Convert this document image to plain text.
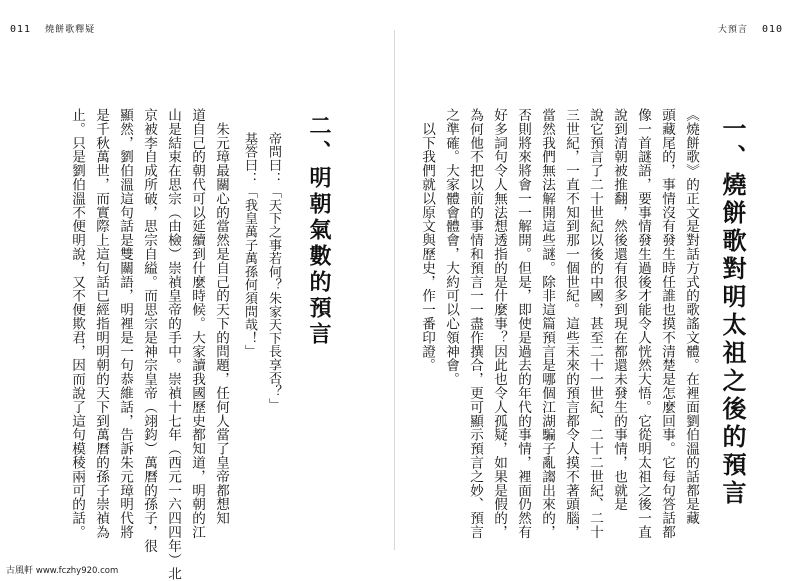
011 燒餅歌釋疑	大預言 010
一、燒餅歌對明太祖之後的預言
《燒餅歌》的正文是對話方式的歌謠文體。在裡面劉伯溫的話都是藏
頭藏尾的，事情沒有發生時任誰也摸不清楚是怎麼回事。它每句答話都
像一首謎語，要事情發生過後才能令人恍然大悟。它從明太祖之後一直
說到清朝被推翻，然後還有很多到現在都還未發生的事情，也就是
說它預言了二十世紀以後的中國，甚至二十一世紀、二十二世紀、二十
三世紀，一直不知到那一個世紀。這些未來的預言都令人摸不著頭腦，
當然我們無法解開這些謎。除非這篇預言是哪個江湖騙子亂謅出來的，
否則將來將會一一解開。但是，即使是過去的年代的事情，裡面仍然有
好多詞句令人無法想透指的是什麼事？因此也令人孤疑，如果是假的，
為何他不把以前的事情和預言一一盡作撰合，更可顯示預言之妙、預言
之準確。大家體會體會，大約可以心領神會。
　以下我們就以原文與歷史，作一番印證。
二、明朝氣數的預言
帝問曰：「天下之事若何？朱家天下長享否？」
基答曰：「我皇萬子萬孫何須問哉！」
　朱元璋最關心的當然是自己的天下的問題，任何人當了皇帝都想知
道自己的朝代可以延續到什麼時候。大家讀我國歷史都知道，明朝的江
山是結束在思宗（由檢）崇禎皇帝的手中。崇禎十七年（西元一六四四年）北
京被李自成所破，思宗自縊。而思宗是神宗皇帝（翊鈞）萬曆的孫子，很
顯然，劉伯溫這句話是雙關語，明裡是一句恭維話，告訴朱元璋明代將
是千秋萬世，而實際上這句話已經指明明朝的天下到萬曆的孫子崇禎為
止。只是劉伯溫不便明說，又不便欺君，因而說了這句模稜兩可的話。
古風軒 www.fczhy920.com
